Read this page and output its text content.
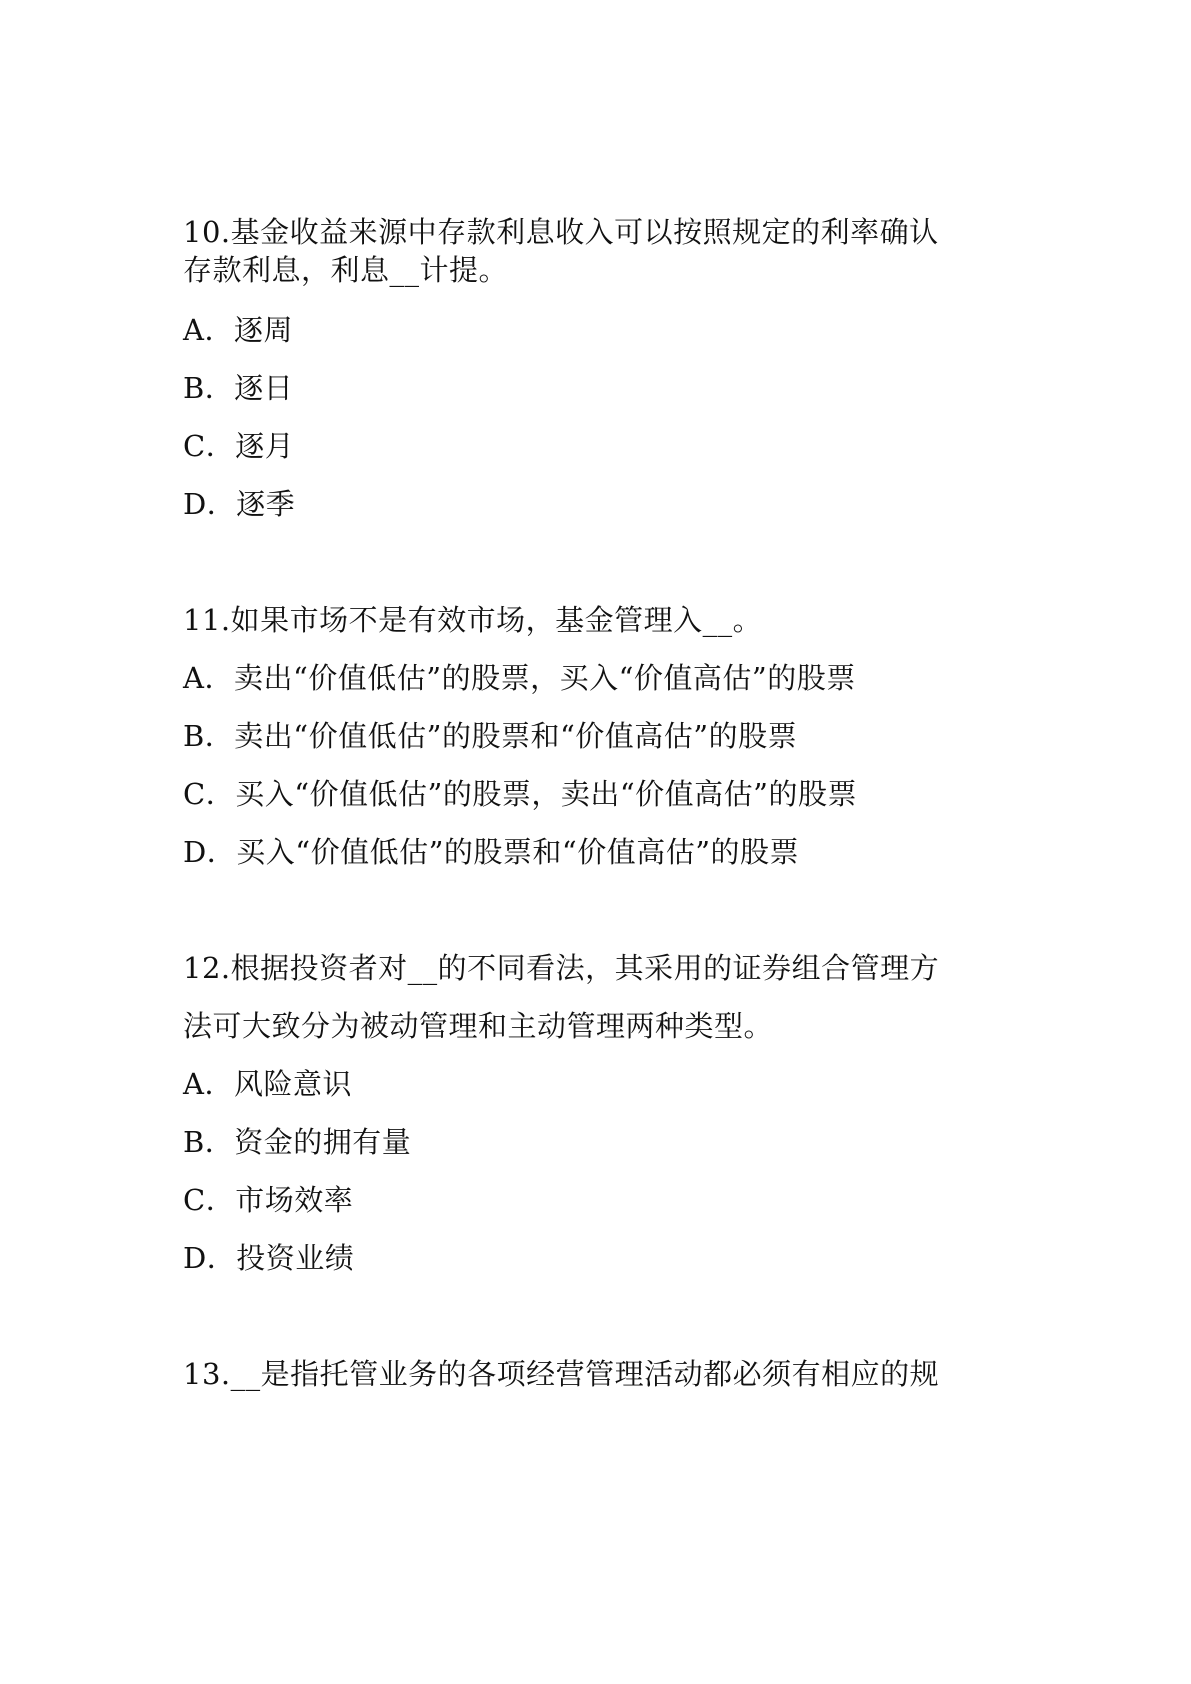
10.基金收益来源中存款利息收入可以按照规定的利率确认
存款利息，利息__计提。
A．逐周
B．逐日
C．逐月
D．逐季
11.如果市场不是有效市场，基金管理入__。
A．卖出“价值低估”的股票，买入“价值高估”的股票
B．卖出“价值低估”的股票和“价值高估”的股票
C．买入“价值低估”的股票，卖出“价值高估”的股票
D．买入“价值低估”的股票和“价值高估”的股票
12.根据投资者对__的不同看法，其采用的证券组合管理方
法可大致分为被动管理和主动管理两种类型。
A．风险意识
B．资金的拥有量
C．市场效率
D．投资业绩
13.__是指托管业务的各项经营管理活动都必须有相应的规
